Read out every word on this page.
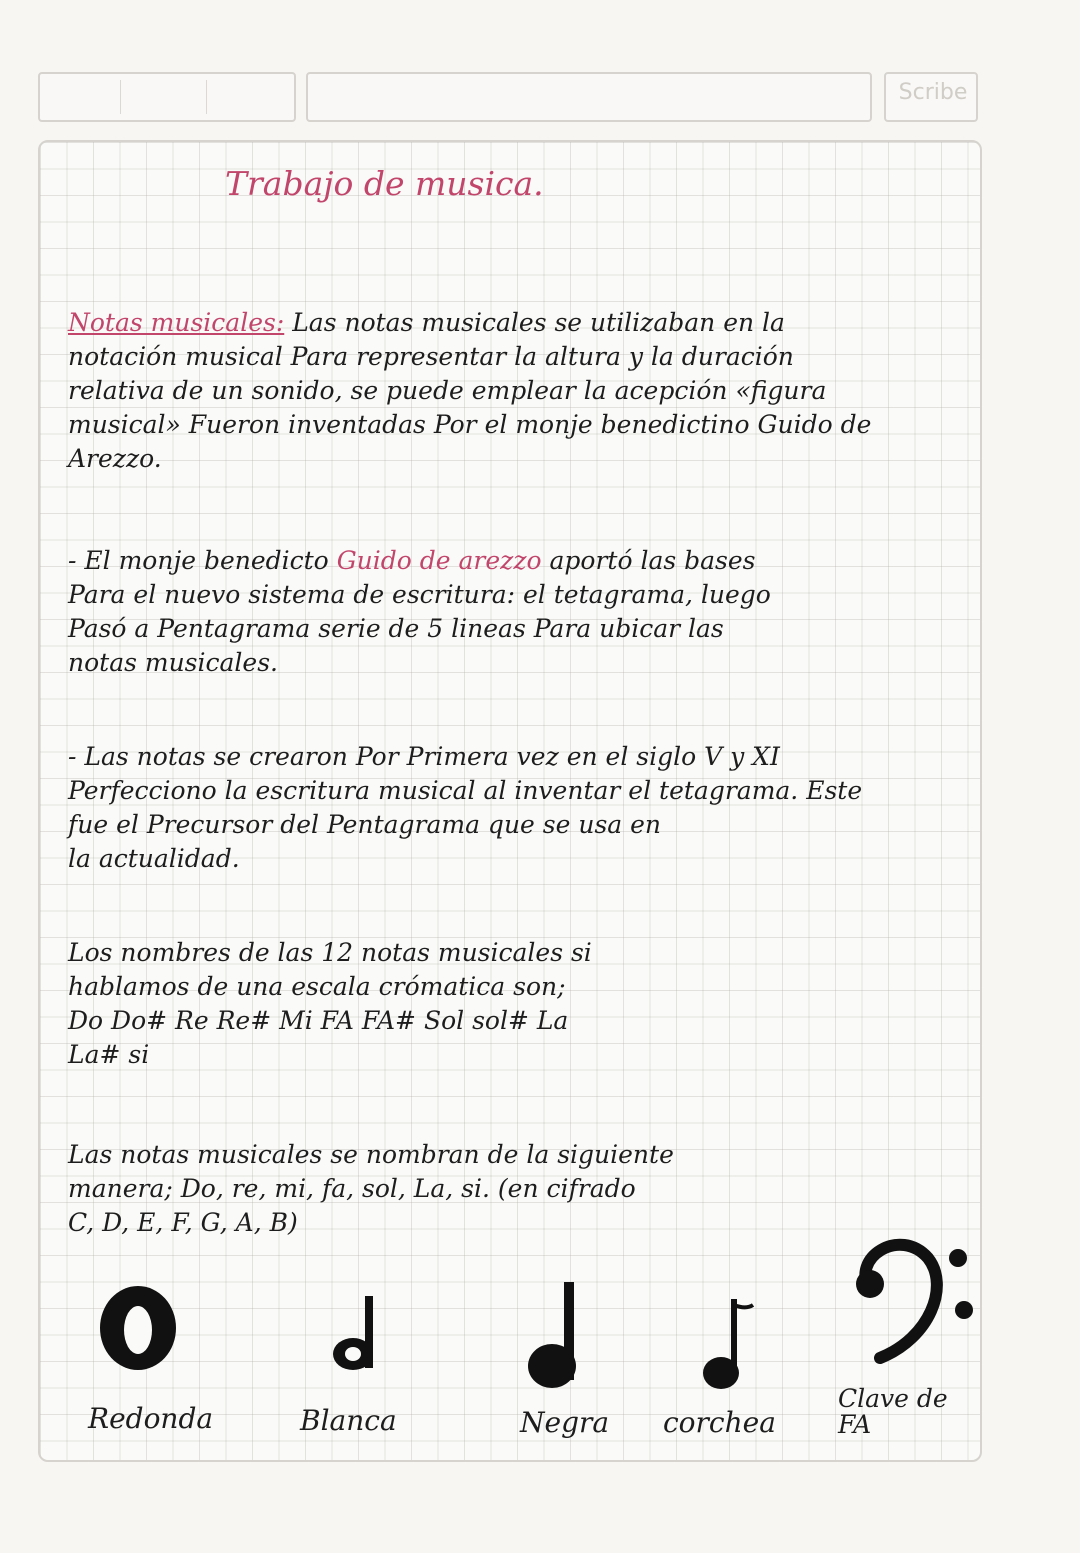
Scribe
Trabajo de musica.
Notas musicales: Las notas musicales se utilizaban en la
notación musical Para representar la altura y la duración
relativa de un sonido, se puede emplear la acepción «figura
musical» Fueron inventadas Por el monje benedictino Guido de
Arezzo.
- El monje benedicto Guido de arezzo aportó las bases
Para el nuevo sistema de escritura: el tetagrama, luego
Pasó a Pentagrama serie de 5 lineas Para ubicar las
notas musicales.
- Las notas se crearon Por Primera vez en el siglo V y XI
Perfecciono la escritura musical al inventar el tetagrama. Este
fue el Precursor del Pentagrama que se usa en
la actualidad.
Los nombres de las 12 notas musicales si
hablamos de una escala crómatica son;
Do Do# Re Re# Mi FA FA# Sol sol# La
La# si
Las notas musicales se nombran de la siguiente
manera; Do, re, mi, fa, sol, La, si. (en cifrado
C, D, E, F, G, A, B)
Redonda	Blanca	Negra corchea
Clave de FA
